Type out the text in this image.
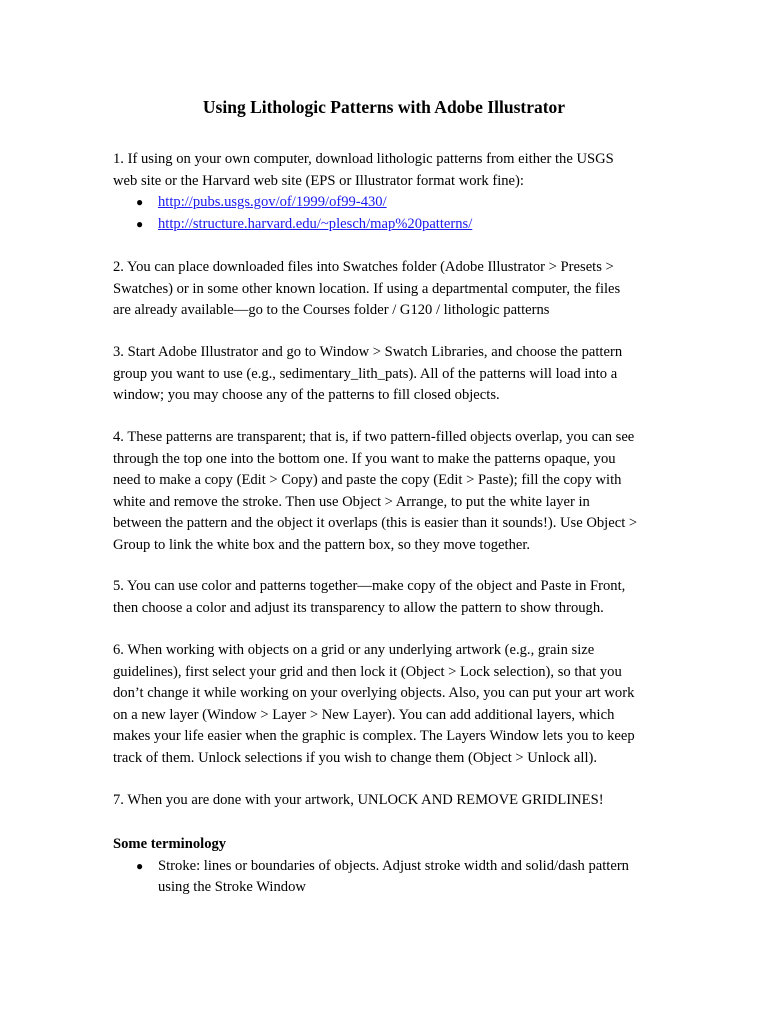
Using Lithologic Patterns with Adobe Illustrator
1. If using on your own computer, download lithologic patterns from either the USGS
web site or the Harvard web site (EPS or Illustrator format work fine):
● http://pubs.usgs.gov/of/1999/of99-430/
● http://structure.harvard.edu/~plesch/map%20patterns/
2. You can place downloaded files into Swatches folder (Adobe Illustrator > Presets >
Swatches) or in some other known location. If using a departmental computer, the files
are already available—go to the Courses folder / G120 / lithologic patterns
3. Start Adobe Illustrator and go to Window > Swatch Libraries, and choose the pattern
group you want to use (e.g., sedimentary_lith_pats). All of the patterns will load into a
window; you may choose any of the patterns to fill closed objects.
4. These patterns are transparent; that is, if two pattern-filled objects overlap, you can see
through the top one into the bottom one. If you want to make the patterns opaque, you
need to make a copy (Edit > Copy) and paste the copy (Edit > Paste); fill the copy with
white and remove the stroke. Then use Object > Arrange, to put the white layer in
between the pattern and the object it overlaps (this is easier than it sounds!). Use Object >
Group to link the white box and the pattern box, so they move together.
5. You can use color and patterns together—make copy of the object and Paste in Front,
then choose a color and adjust its transparency to allow the pattern to show through.
6. When working with objects on a grid or any underlying artwork (e.g., grain size
guidelines), first select your grid and then lock it (Object > Lock selection), so that you
don’t change it while working on your overlying objects. Also, you can put your art work
on a new layer (Window > Layer > New Layer). You can add additional layers, which
makes your life easier when the graphic is complex. The Layers Window lets you to keep
track of them. Unlock selections if you wish to change them (Object > Unlock all).
7. When you are done with your artwork, UNLOCK AND REMOVE GRIDLINES!
Some terminology
● Stroke: lines or boundaries of objects. Adjust stroke width and solid/dash pattern
using the Stroke Window
